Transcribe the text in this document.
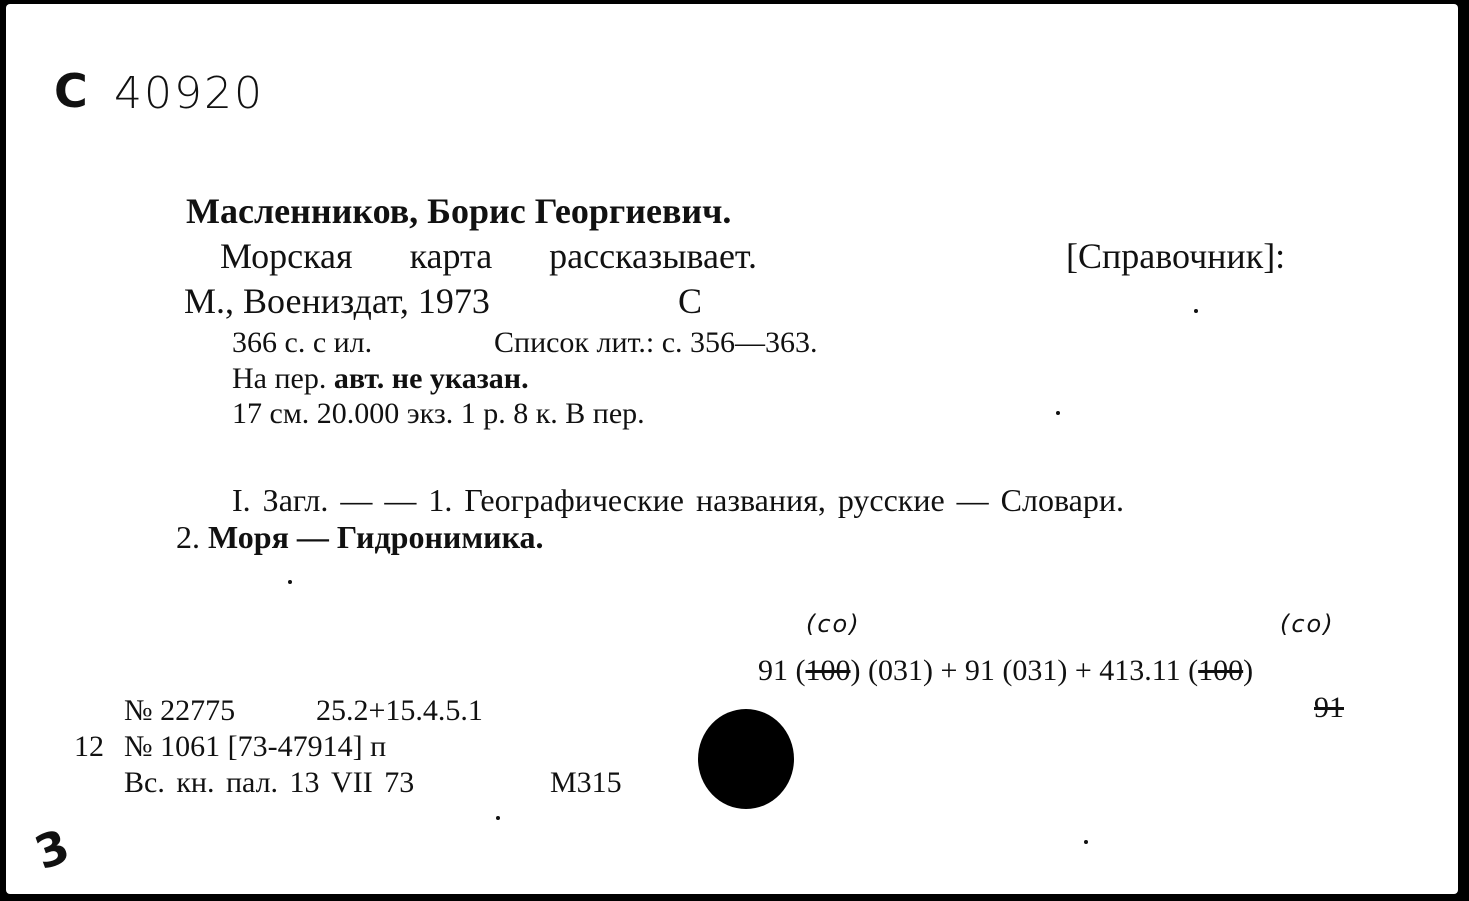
С 40920
Масленников, Борис Георгиевич.
Морская карта рассказывает.	[Справочник]:
М., Воениздат, 1973	С
366 с. с ил.	Список лит.: с. 356—363.
На пер. авт. не указан.
17 см. 20.000 экз. 1 р. 8 к. В пер.
I. Загл. — — 1. Географические названия, русские — Словари.
2. Моря — Гидронимика.
(со)	(со)
91 (100) (031) + 91 (031) + 413.11 (100)
91
№ 22775	25.2+15.4.5.1
12 № 1061 [73-47914] п
Вс. кн. пал. 13 VII 73	М315
3
